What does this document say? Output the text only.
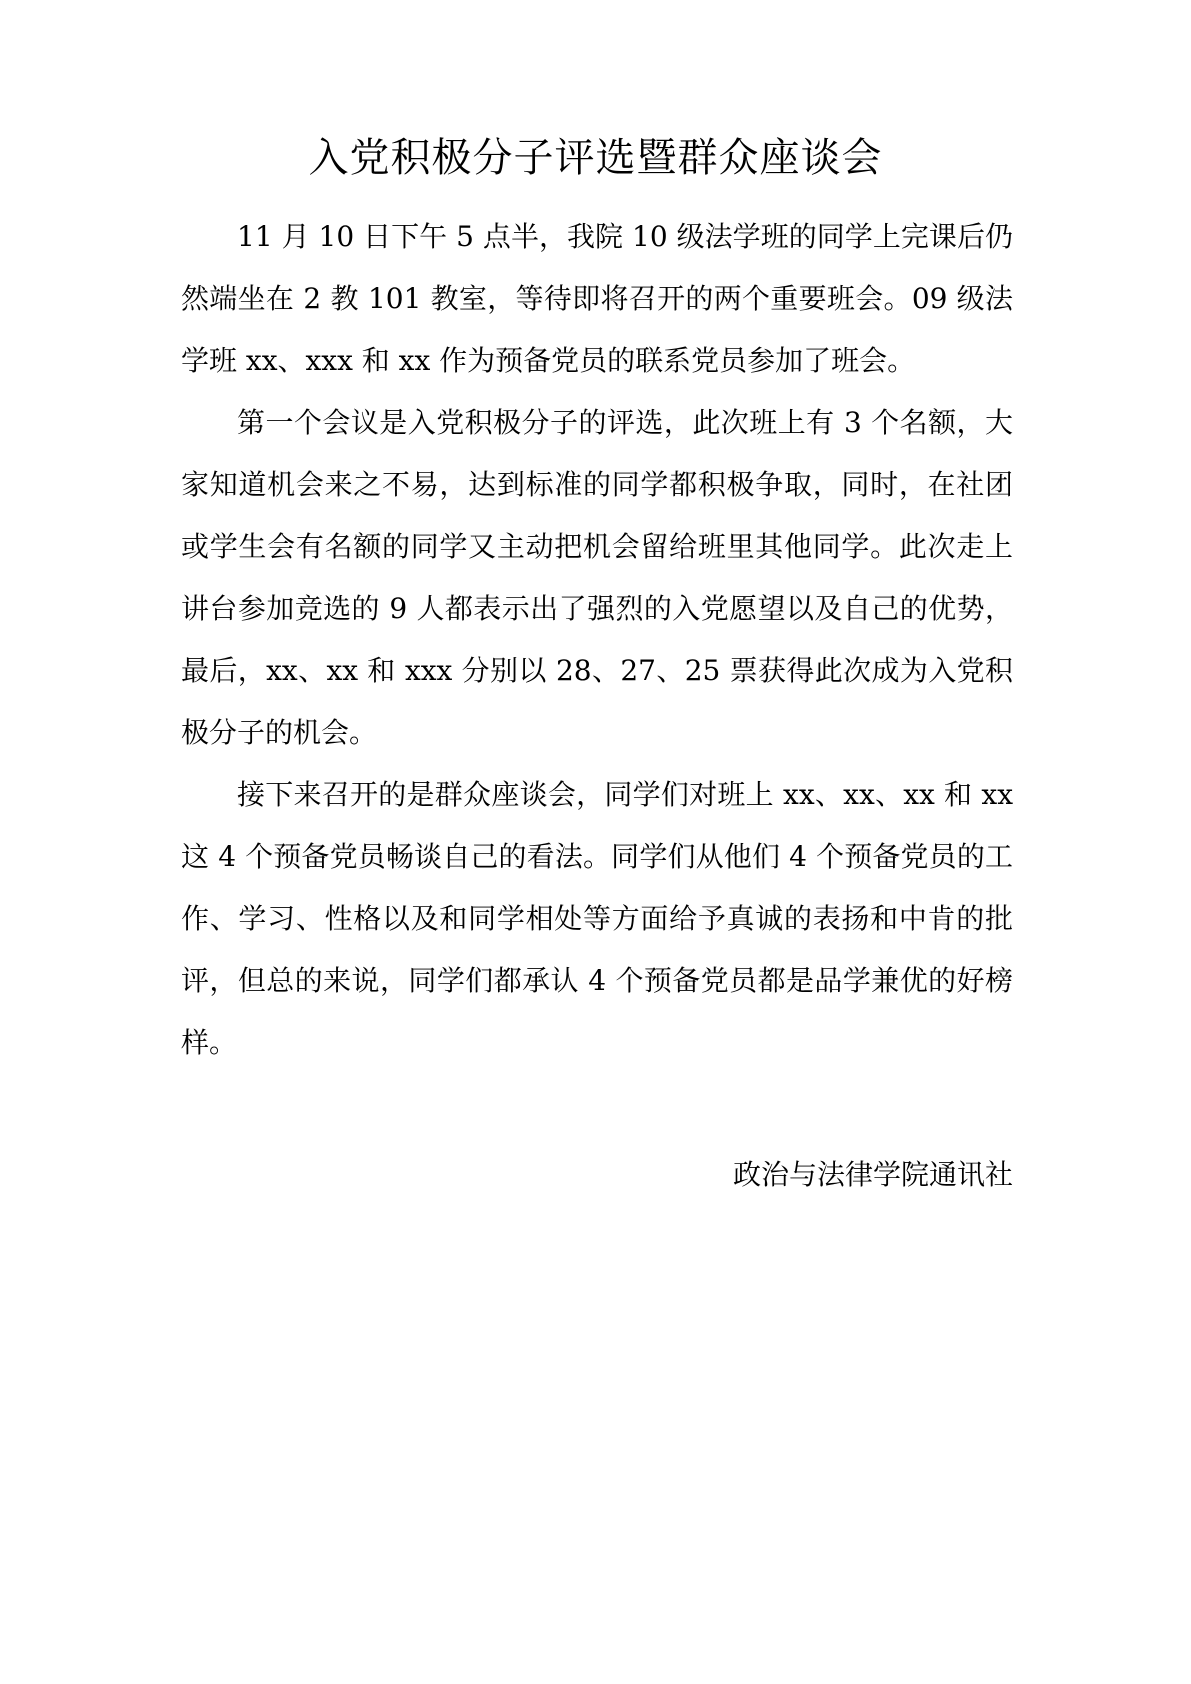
入党积极分子评选暨群众座谈会

11 月 10 日下午 5 点半，我院 10 级法学班的同学上完课后仍然端坐在 2 教 101 教室，等待即将召开的两个重要班会。09 级法学班 xx、xxx 和 xx 作为预备党员的联系党员参加了班会。

第一个会议是入党积极分子的评选，此次班上有 3 个名额，大家知道机会来之不易，达到标准的同学都积极争取，同时，在社团或学生会有名额的同学又主动把机会留给班里其他同学。此次走上讲台参加竞选的 9 人都表示出了强烈的入党愿望以及自己的优势，最后，xx、xx 和 xxx 分别以 28、27、25 票获得此次成为入党积极分子的机会。

接下来召开的是群众座谈会，同学们对班上 xx、xx、xx 和 xx 这 4 个预备党员畅谈自己的看法。同学们从他们 4 个预备党员的工作、学习、性格以及和同学相处等方面给予真诚的表扬和中肯的批评，但总的来说，同学们都承认 4 个预备党员都是品学兼优的好榜样。

政治与法律学院通讯社
